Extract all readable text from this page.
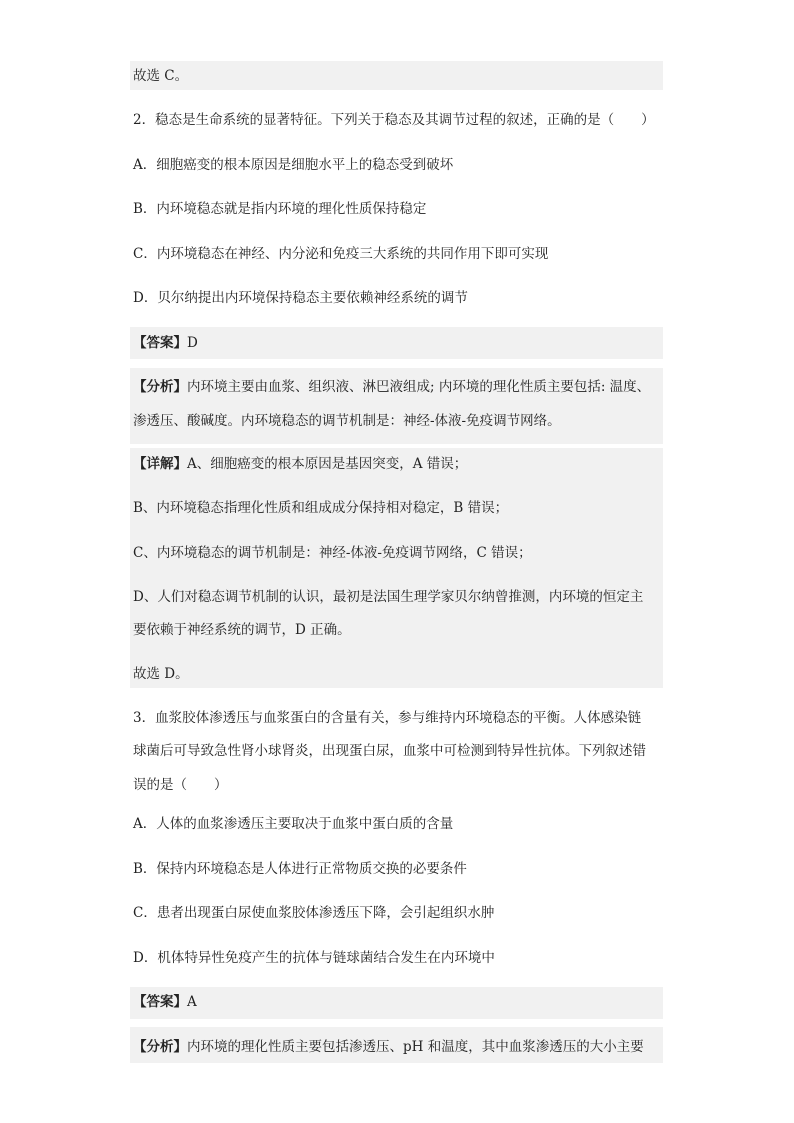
故选 C。
2．稳态是生命系统的显著特征。下列关于稳态及其调节过程的叙述，正确的是（　　）
A．细胞癌变的根本原因是细胞水平上的稳态受到破坏
B．内环境稳态就是指内环境的理化性质保持稳定
C．内环境稳态在神经、内分泌和免疫三大系统的共同作用下即可实现
D．贝尔纳提出内环境保持稳态主要依赖神经系统的调节
【答案】D
【分析】内环境主要由血浆、组织液、淋巴液组成; 内环境的理化性质主要包括: 温度、
渗透压、酸碱度。内环境稳态的调节机制是：神经-体液-免疫调节网络。
【详解】A、细胞癌变的根本原因是基因突变，A 错误；
B、内环境稳态指理化性质和组成成分保持相对稳定，B 错误；
C、内环境稳态的调节机制是：神经-体液-免疫调节网络，C 错误；
D、人们对稳态调节机制的认识，最初是法国生理学家贝尔纳曾推测，内环境的恒定主
要依赖于神经系统的调节，D 正确。
故选 D。
3．血浆胶体渗透压与血浆蛋白的含量有关，参与维持内环境稳态的平衡。人体感染链
球菌后可导致急性肾小球肾炎，出现蛋白尿，血浆中可检测到特异性抗体。下列叙述错
误的是（　　）
A．人体的血浆渗透压主要取决于血浆中蛋白质的含量
B．保持内环境稳态是人体进行正常物质交换的必要条件
C．患者出现蛋白尿使血浆胶体渗透压下降，会引起组织水肿
D．机体特异性免疫产生的抗体与链球菌结合发生在内环境中
【答案】A
【分析】内环境的理化性质主要包括渗透压、pH 和温度，其中血浆渗透压的大小主要
